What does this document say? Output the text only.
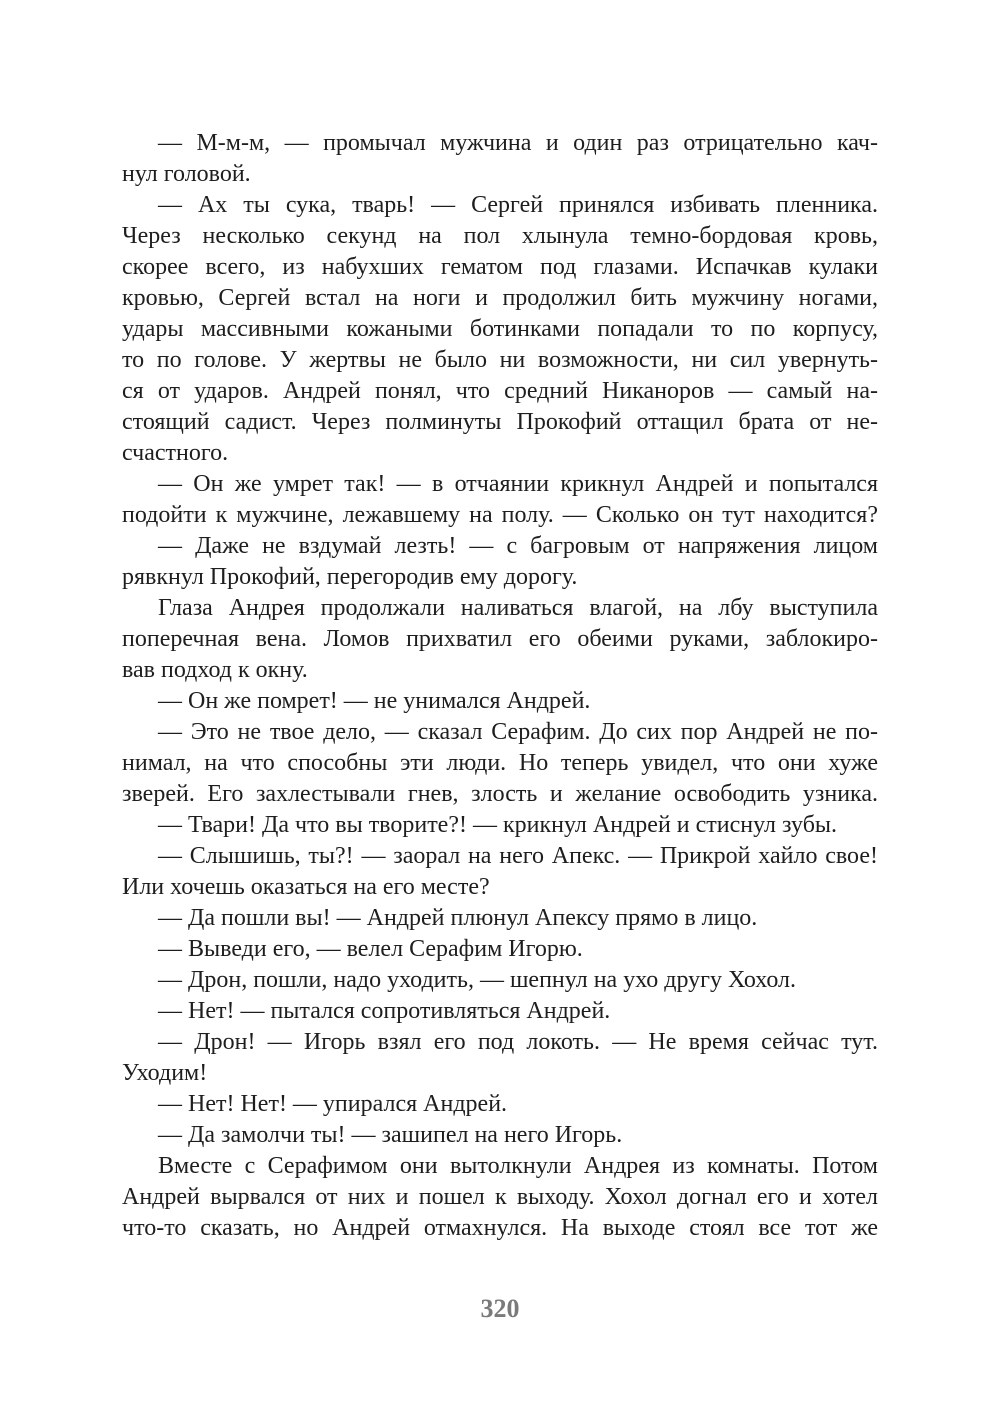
— М-м-м, — промычал мужчина и один раз отрицательно кач-
нул головой.
— Ах ты сука, тварь! — Сергей принялся избивать пленника.
Через несколько секунд на пол хлынула темно-бордовая кровь,
скорее всего, из набухших гематом под глазами. Испачкав кулаки
кровью, Сергей встал на ноги и продолжил бить мужчину ногами,
удары массивными кожаными ботинками попадали то по корпусу,
то по голове. У жертвы не было ни возможности, ни сил увернуть-
ся от ударов. Андрей понял, что средний Никаноров — самый на-
стоящий садист. Через полминуты Прокофий оттащил брата от не-
счастного.
— Он же умрет так! — в отчаянии крикнул Андрей и попытался
подойти к мужчине, лежавшему на полу. — Сколько он тут находится?
— Даже не вздумай лезть! — с багровым от напряжения лицом
рявкнул Прокофий, перегородив ему дорогу.
Глаза Андрея продолжали наливаться влагой, на лбу выступила
поперечная вена. Ломов прихватил его обеими руками, заблокиро-
вав подход к окну.
— Он же помрет! — не унимался Андрей.
— Это не твое дело, — сказал Серафим. До сих пор Андрей не по-
нимал, на что способны эти люди. Но теперь увидел, что они хуже
зверей. Его захлестывали гнев, злость и желание освободить узника.
— Твари! Да что вы творите?! — крикнул Андрей и стиснул зубы.
— Слышишь, ты?! — заорал на него Апекс. — Прикрой хайло свое!
Или хочешь оказаться на его месте?
— Да пошли вы! — Андрей плюнул Апексу прямо в лицо.
— Выведи его, — велел Серафим Игорю.
— Дрон, пошли, надо уходить, — шепнул на ухо другу Хохол.
— Нет! — пытался сопротивляться Андрей.
— Дрон! — Игорь взял его под локоть. — Не время сейчас тут.
Уходим!
— Нет! Нет! — упирался Андрей.
— Да замолчи ты! — зашипел на него Игорь.
Вместе с Серафимом они вытолкнули Андрея из комнаты. Потом
Андрей вырвался от них и пошел к выходу. Хохол догнал его и хотел
что-то сказать, но Андрей отмахнулся. На выходе стоял все тот же
320
